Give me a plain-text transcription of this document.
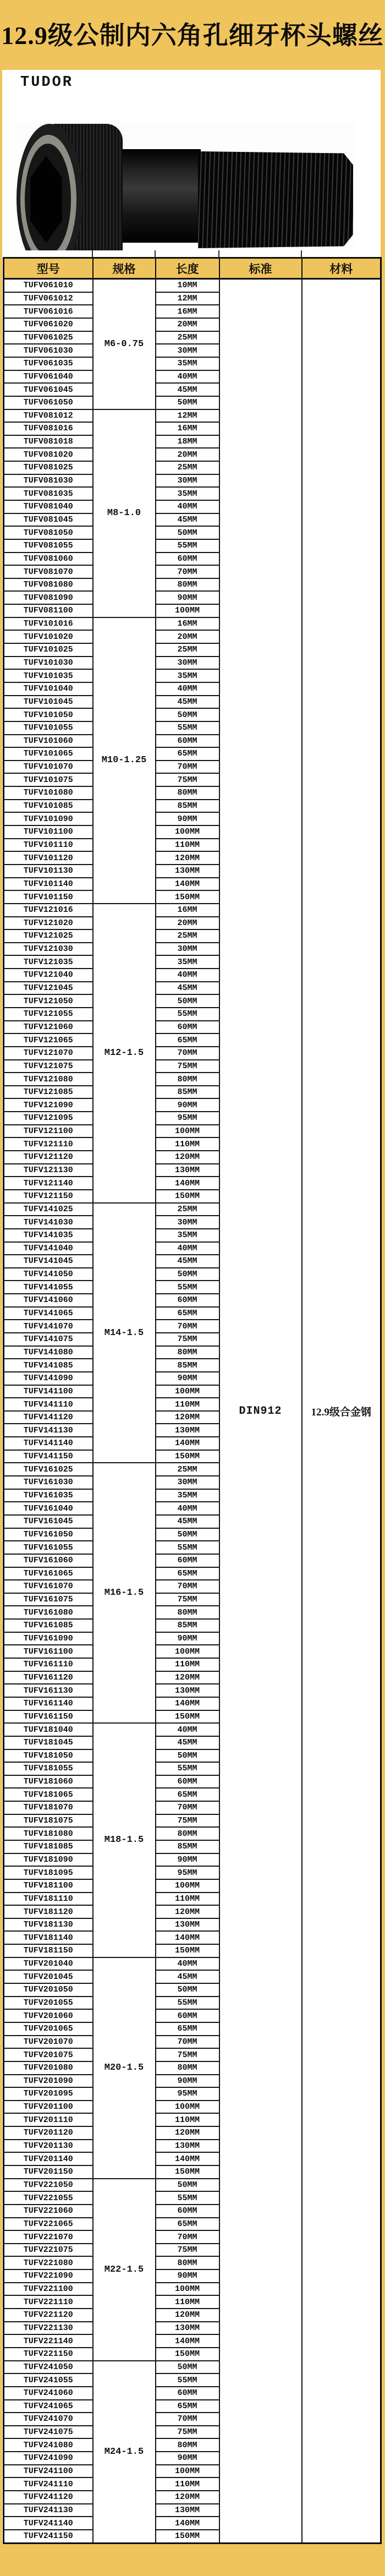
12.9级公制内六角孔细牙杯头螺丝
TUDOR
型号	规格	长度	标准	材料
TUFV061010	M6-0.75	10MM	DIN912	12.9级合金钢
TUFV061012		12MM		
TUFV061016		16MM		
TUFV061020		20MM		
TUFV061025		25MM		
TUFV061030		30MM		
TUFV061035		35MM		
TUFV061040		40MM		
TUFV061045		45MM		
TUFV061050		50MM		
TUFV081012	M8-1.0	12MM		
TUFV081016		16MM		
TUFV081018		18MM		
TUFV081020		20MM		
TUFV081025		25MM		
TUFV081030		30MM		
TUFV081035		35MM		
TUFV081040		40MM		
TUFV081045		45MM		
TUFV081050		50MM		
TUFV081055		55MM		
TUFV081060		60MM		
TUFV081070		70MM		
TUFV081080		80MM		
TUFV081090		90MM		
TUFV081100		100MM		
TUFV101016	M10-1.25	16MM		
TUFV101020		20MM		
TUFV101025		25MM		
TUFV101030		30MM		
TUFV101035		35MM		
TUFV101040		40MM		
TUFV101045		45MM		
TUFV101050		50MM		
TUFV101055		55MM		
TUFV101060		60MM		
TUFV101065		65MM		
TUFV101070		70MM		
TUFV101075		75MM		
TUFV101080		80MM		
TUFV101085		85MM		
TUFV101090		90MM		
TUFV101100		100MM		
TUFV101110		110MM		
TUFV101120		120MM		
TUFV101130		130MM		
TUFV101140		140MM		
TUFV101150		150MM		
TUFV121016	M12-1.5	16MM		
TUFV121020		20MM		
TUFV121025		25MM		
TUFV121030		30MM		
TUFV121035		35MM		
TUFV121040		40MM		
TUFV121045		45MM		
TUFV121050		50MM		
TUFV121055		55MM		
TUFV121060		60MM		
TUFV121065		65MM		
TUFV121070		70MM		
TUFV121075		75MM		
TUFV121080		80MM		
TUFV121085		85MM		
TUFV121090		90MM		
TUFV121095		95MM		
TUFV121100		100MM		
TUFV121110		110MM		
TUFV121120		120MM		
TUFV121130		130MM		
TUFV121140		140MM		
TUFV121150		150MM		
TUFV141025	M14-1.5	25MM		
TUFV141030		30MM		
TUFV141035		35MM		
TUFV141040		40MM		
TUFV141045		45MM		
TUFV141050		50MM		
TUFV141055		55MM		
TUFV141060		60MM		
TUFV141065		65MM		
TUFV141070		70MM		
TUFV141075		75MM		
TUFV141080		80MM		
TUFV141085		85MM		
TUFV141090		90MM		
TUFV141100		100MM		
TUFV141110		110MM		
TUFV141120		120MM		
TUFV141130		130MM		
TUFV141140		140MM		
TUFV141150		150MM		
TUFV161025	M16-1.5	25MM		
TUFV161030		30MM		
TUFV161035		35MM		
TUFV161040		40MM		
TUFV161045		45MM		
TUFV161050		50MM		
TUFV161055		55MM		
TUFV161060		60MM		
TUFV161065		65MM		
TUFV161070		70MM		
TUFV161075		75MM		
TUFV161080		80MM		
TUFV161085		85MM		
TUFV161090		90MM		
TUFV161100		100MM		
TUFV161110		110MM		
TUFV161120		120MM		
TUFV161130		130MM		
TUFV161140		140MM		
TUFV161150		150MM		
TUFV181040	M18-1.5	40MM		
TUFV181045		45MM		
TUFV181050		50MM		
TUFV181055		55MM		
TUFV181060		60MM		
TUFV181065		65MM		
TUFV181070		70MM		
TUFV181075		75MM		
TUFV181080		80MM		
TUFV181085		85MM		
TUFV181090		90MM		
TUFV181095		95MM		
TUFV181100		100MM		
TUFV181110		110MM		
TUFV181120		120MM		
TUFV181130		130MM		
TUFV181140		140MM		
TUFV181150		150MM		
TUFV201040	M20-1.5	40MM		
TUFV201045		45MM		
TUFV201050		50MM		
TUFV201055		55MM		
TUFV201060		60MM		
TUFV201065		65MM		
TUFV201070		70MM		
TUFV201075		75MM		
TUFV201080		80MM		
TUFV201090		90MM		
TUFV201095		95MM		
TUFV201100		100MM		
TUFV201110		110MM		
TUFV201120		120MM		
TUFV201130		130MM		
TUFV201140		140MM		
TUFV201150		150MM		
TUFV221050	M22-1.5	50MM		
TUFV221055		55MM		
TUFV221060		60MM		
TUFV221065		65MM		
TUFV221070		70MM		
TUFV221075		75MM		
TUFV221080		80MM		
TUFV221090		90MM		
TUFV221100		100MM		
TUFV221110		110MM		
TUFV221120		120MM		
TUFV221130		130MM		
TUFV221140		140MM		
TUFV221150		150MM		
TUFV241050	M24-1.5	50MM		
TUFV241055		55MM		
TUFV241060		60MM		
TUFV241065		65MM		
TUFV241070		70MM		
TUFV241075		75MM		
TUFV241080		80MM		
TUFV241090		90MM		
TUFV241100		100MM		
TUFV241110		110MM		
TUFV241120		120MM		
TUFV241130		130MM		
TUFV241140		140MM		
TUFV241150		150MM		
